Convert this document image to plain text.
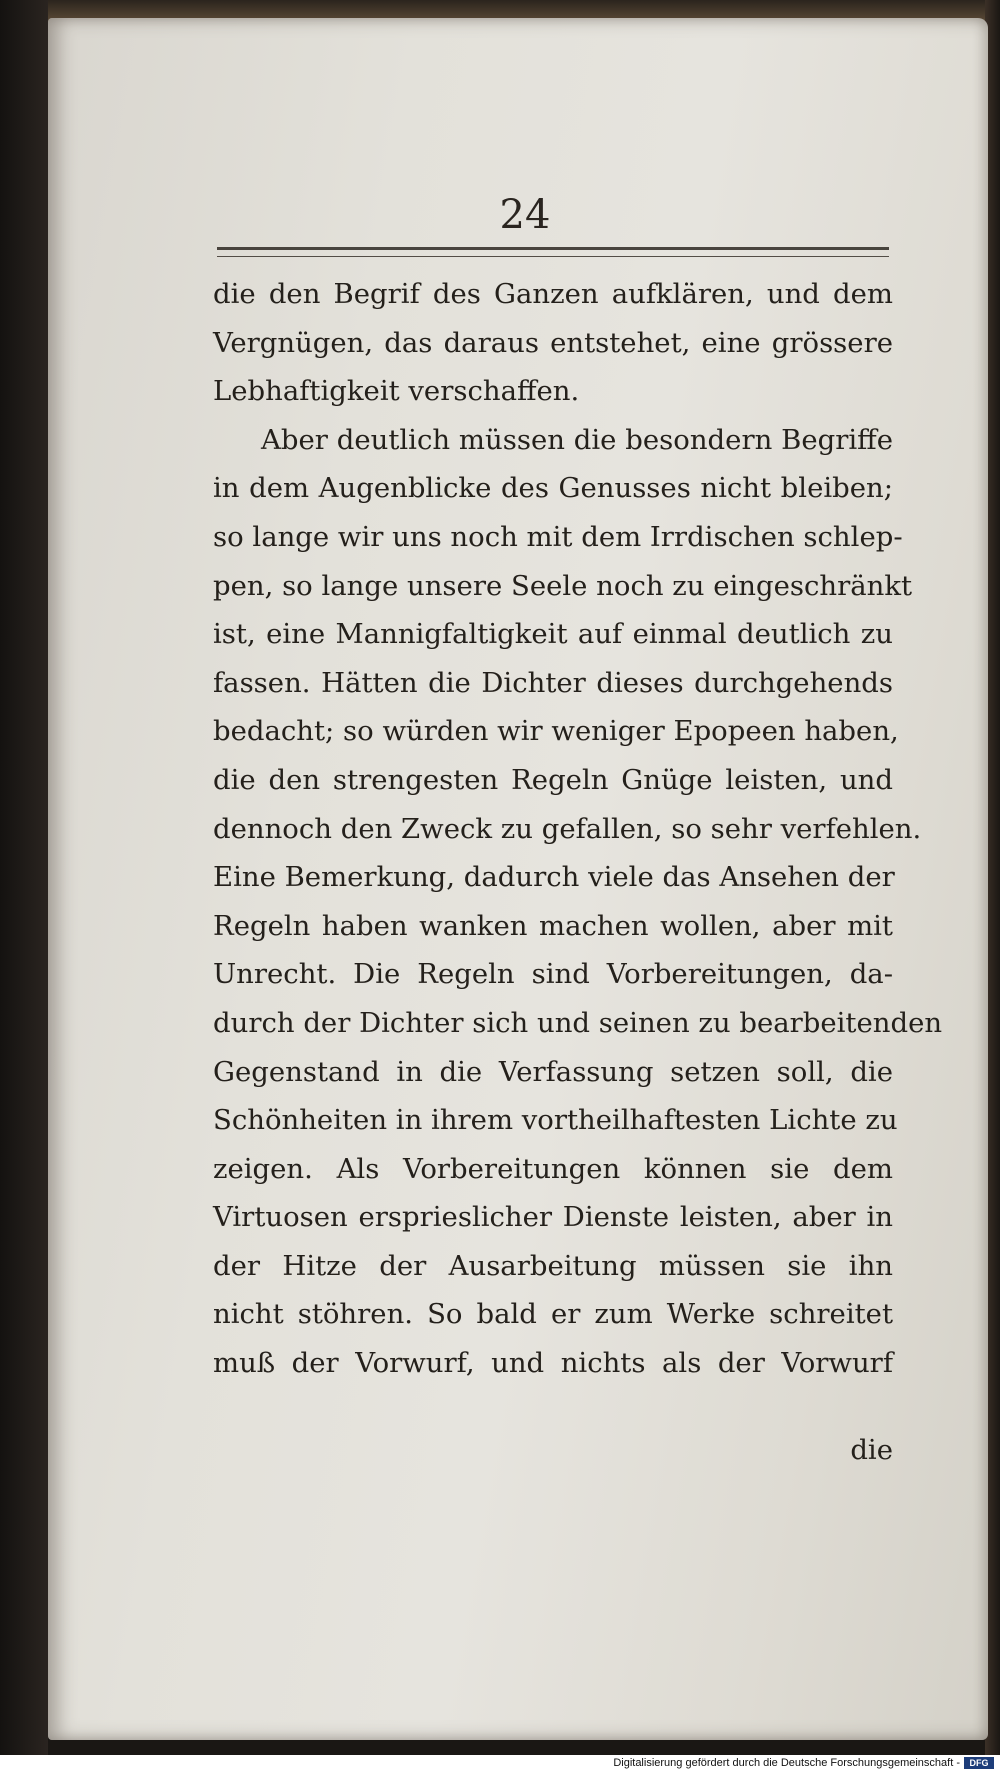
24
die den Begrif des Ganzen aufklären, und dem
Vergnügen, das daraus entstehet, eine grössere
Lebhaftigkeit verschaffen.
Aber deutlich müssen die besondern Begriffe
in dem Augenblicke des Genusses nicht bleiben;
so lange wir uns noch mit dem Irrdischen schlep-
pen, so lange unsere Seele noch zu eingeschränkt
ist, eine Mannigfaltigkeit auf einmal deutlich zu
fassen. Hätten die Dichter dieses durchgehends
bedacht; so würden wir weniger Epopeen haben,
die den strengesten Regeln Gnüge leisten, und
dennoch den Zweck zu gefallen, so sehr verfehlen.
Eine Bemerkung, dadurch viele das Ansehen der
Regeln haben wanken machen wollen, aber mit
Unrecht. Die Regeln sind Vorbereitungen, da-
durch der Dichter sich und seinen zu bearbeitenden
Gegenstand in die Verfassung setzen soll, die
Schönheiten in ihrem vortheilhaftesten Lichte zu
zeigen. Als Vorbereitungen können sie dem
Virtuosen ersprieslicher Dienste leisten, aber in
der Hitze der Ausarbeitung müssen sie ihn
nicht stöhren. So bald er zum Werke schreitet
muß der Vorwurf, und nichts als der Vorwurf
die
Digitalisierung gefördert durch die Deutsche Forschungsgemeinschaft -	DFG
